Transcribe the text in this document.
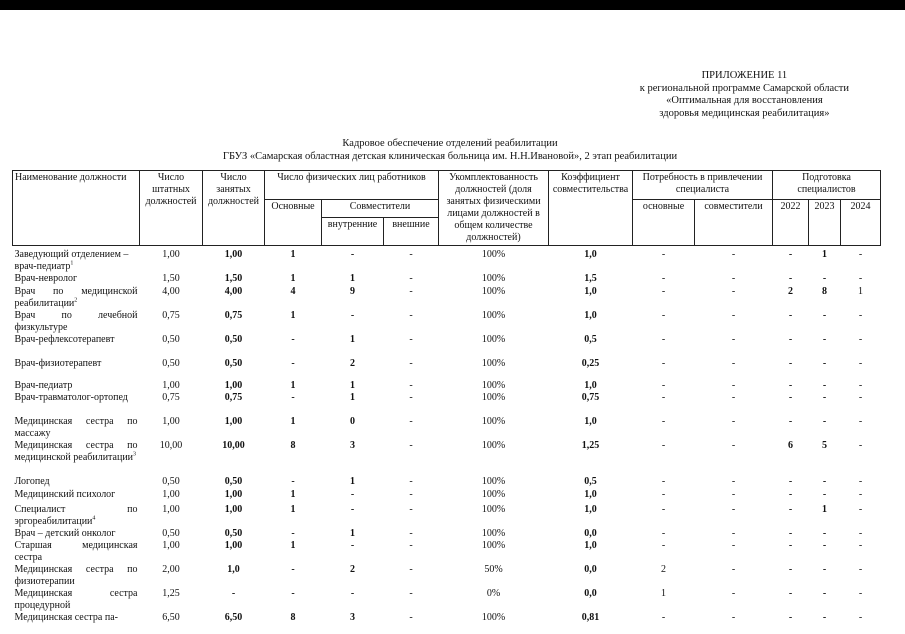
ПРИЛОЖЕНИЕ 11
к региональной программе Самарской области
«Оптимальная для восстановления
здоровья медицинская реабилитация»
Кадровое обеспечение отделений реабилитации
ГБУЗ «Самарская областная детская клиническая больница им. Н.Н.Ивановой», 2 этап реабилитации
Наименование должности	Число штатных должностей	Число занятых должностей	Число физических лиц работников			Укомплектованность должностей (доля занятых физическими лицами должностей в общем количестве должностей)	Коэффициент совместительства	Потребность в привлечении специалиста		Подготовка специалистов		
			Основные	Совместители				основные	совместители	2022	2023	2024
				внутренние	внешние							
Заведующий отделением – врач-педиатр$^1$	1,00	1,00	1	-	-	100%	1,0	-	-	-	1	-
Врач-невролог	1,50	1,50	1	1	-	100%	1,5	-	-	-	-	-
Врач по медицинской реабилитации$^2$	4,00	4,00	4	9	-	100%	1,0	-	-	2	8	1
Врач по лечебной физкультуре	0,75	0,75	1	-	-	100%	1,0	-	-	-	-	-
Врач-рефлексотерапевт	0,50	0,50	-	1	-	100%	0,5	-	-	-	-	-
Врач-физиотерапевт	0,50	0,50	-	2	-	100%	0,25	-	-	-	-	-
Врач-педиатр	1,00	1,00	1	1	-	100%	1,0	-	-	-	-	-
Врач-травматолог-ортопед	0,75	0,75	-	1	-	100%	0,75	-	-	-	-	-
Медицинская сестра по массажу	1,00	1,00	1	0	-	100%	1,0	-	-	-	-	-
Медицинская сестра по медицинской реабилитации$^3$	10,00	10,00	8	3	-	100%	1,25	-	-	6	5	-
Логопед	0,50	0,50	-	1	-	100%	0,5	-	-	-	-	-
Медицинский психолог	1,00	1,00	1	-	-	100%	1,0	-	-	-	-	-
Специалист по эргореабилитации$^4$	1,00	1,00	1	-	-	100%	1,0	-	-	-	1	-
Врач – детский онколог	0,50	0,50	-	1	-	100%	0,0	-	-	-	-	-
Старшая медицинская сестра	1,00	1,00	1	-	-	100%	1,0	-	-	-	-	-
Медицинская сестра по физиотерапии	2,00	1,0	-	2	-	50%	0,0	2	-	-	-	-
Медицинская сестра процедурной	1,25	-	-	-	-	0%	0,0	1	-	-	-	-
Медицинская сестра па-	6,50	6,50	8	3	-	100%	0,81	-	-	-	-	-
